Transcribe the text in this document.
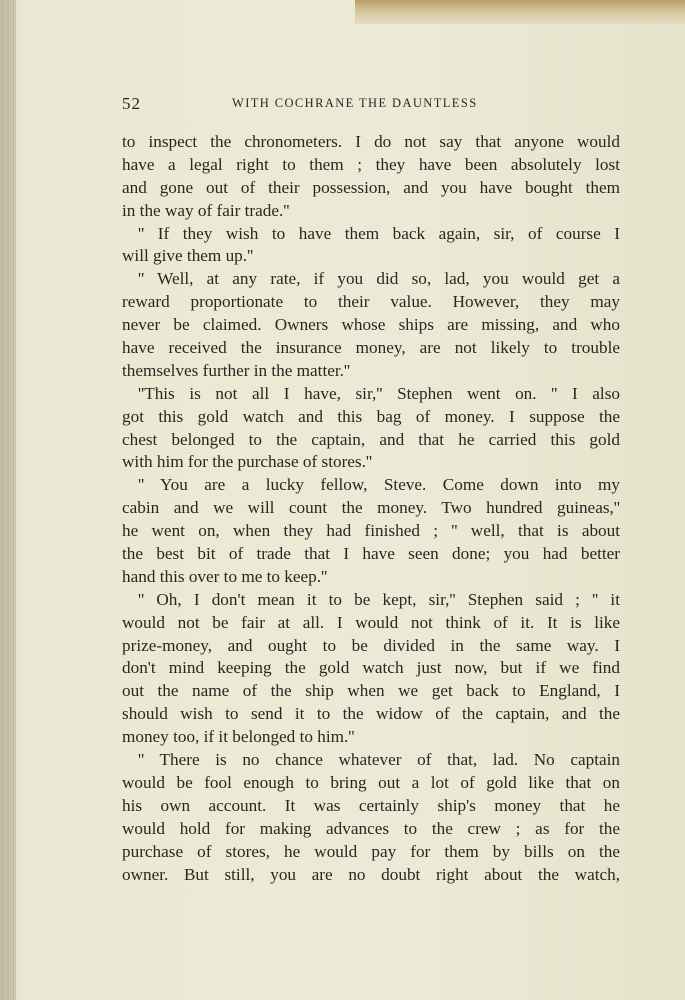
52	WITH COCHRANE THE DAUNTLESS
to inspect the chronometers. I do not say that anyone would
have a legal right to them ; they have been absolutely lost
and gone out of their possession, and you have bought them
in the way of fair trade.''
'' If they wish to have them back again, sir, of course I
will give them up.''
'' Well, at any rate, if you did so, lad, you would get a
reward proportionate to their value. However, they may
never be claimed. Owners whose ships are missing, and who
have received the insurance money, are not likely to trouble
themselves further in the matter.''
''This is not all I have, sir,'' Stephen went on. '' I also
got this gold watch and this bag of money. I suppose the
chest belonged to the captain, and that he carried this gold
with him for the purchase of stores.''
'' You are a lucky fellow, Steve. Come down into my
cabin and we will count the money. Two hundred guineas,''
he went on, when they had finished ; '' well, that is about
the best bit of trade that I have seen done; you had better
hand this over to me to keep.''
'' Oh, I don't mean it to be kept, sir,'' Stephen said ; '' it
would not be fair at all. I would not think of it. It is like
prize-money, and ought to be divided in the same way. I
don't mind keeping the gold watch just now, but if we find
out the name of the ship when we get back to England, I
should wish to send it to the widow of the captain, and the
money too, if it belonged to him.''
'' There is no chance whatever of that, lad. No captain
would be fool enough to bring out a lot of gold like that on
his own account. It was certainly ship's money that he
would hold for making advances to the crew ; as for the
purchase of stores, he would pay for them by bills on the
owner. But still, you are no doubt right about the watch,
